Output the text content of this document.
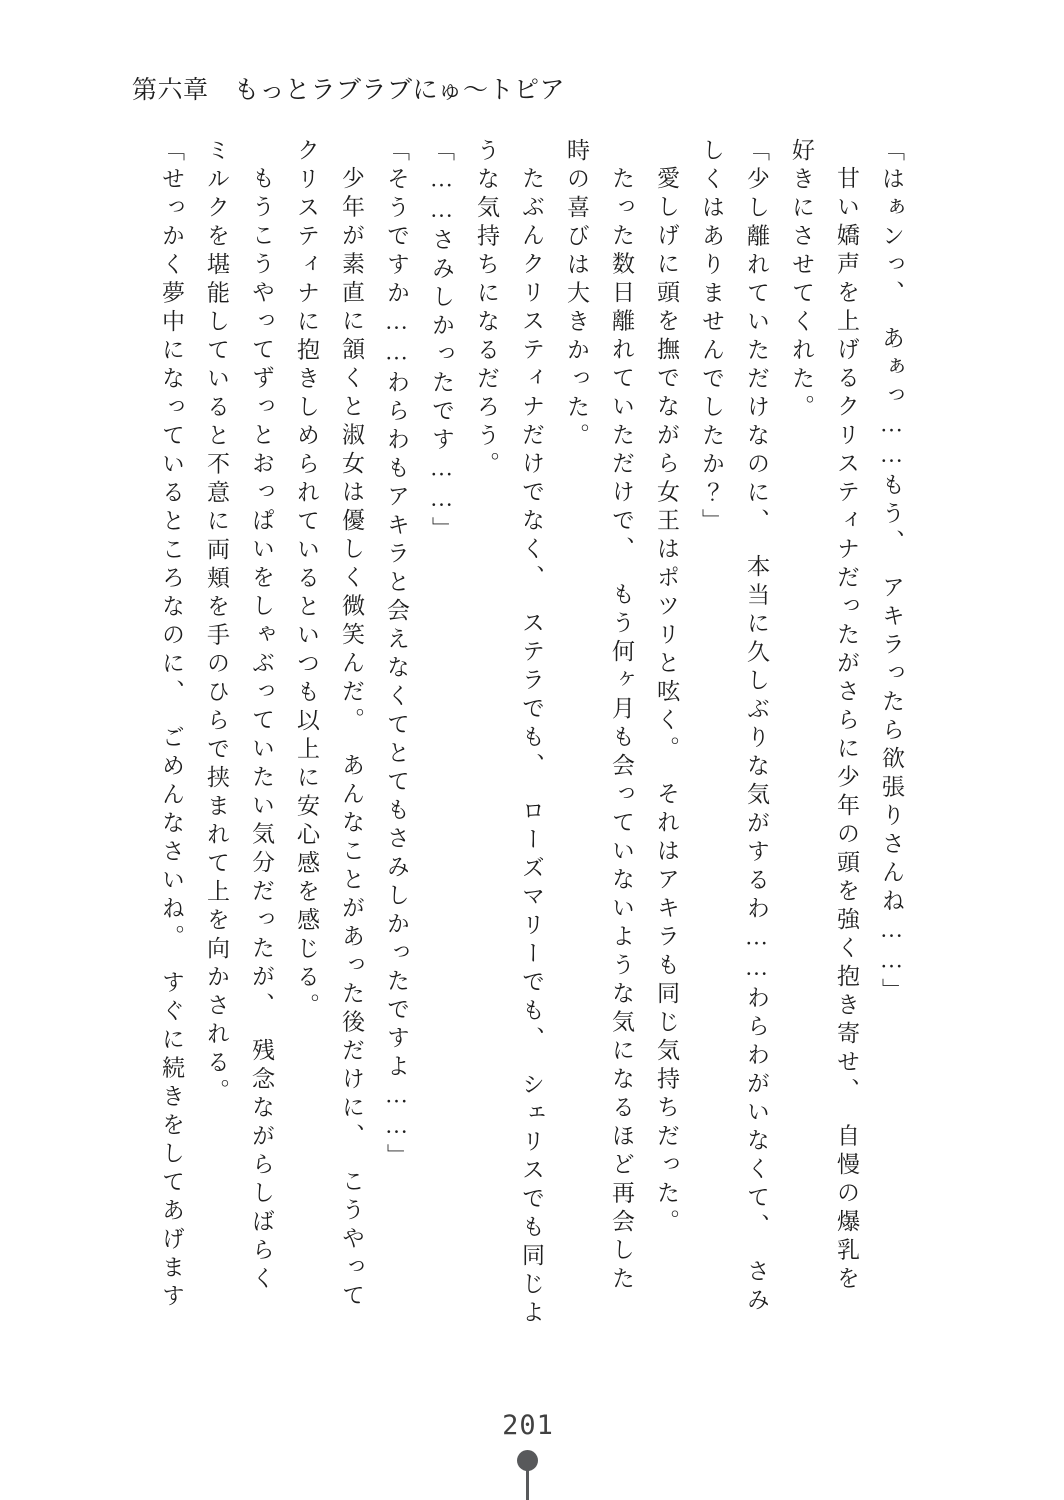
第六章　もっとラブラブにゅ～トピア

「はぁンっ、　あぁっ……もう、　アキラったら欲張りさんね……」

甘い嬌声を上げるクリスティナだったがさらに少年の頭を強く抱き寄せ、　自慢の爆乳を

好きにさせてくれた。

「少し離れていただけなのに、　本当に久しぶりな気がするわ……わらわがいなくて、　さみ

しくはありませんでしたか？」

愛しげに頭を撫でながら女王はポツリと呟く。　それはアキラも同じ気持ちだった。

たった数日離れていただけで、　もう何ヶ月も会っていないような気になるほど再会した

時の喜びは大きかった。

たぶんクリスティナだけでなく、　ステラでも、　ローズマリーでも、　シェリスでも同じよ

うな気持ちになるだろう。

「……さみしかったです……」

「そうですか……わらわもアキラと会えなくてとてもさみしかったですよ……」

少年が素直に頷くと淑女は優しく微笑んだ。　あんなことがあった後だけに、　こうやって

クリスティナに抱きしめられているといつも以上に安心感を感じる。

もうこうやってずっとおっぱいをしゃぶっていたい気分だったが、　残念ながらしばらく

ミルクを堪能していると不意に両頬を手のひらで挟まれて上を向かされる。

「せっかく夢中になっているところなのに、　ごめんなさいね。　すぐに続きをしてあげます

201
